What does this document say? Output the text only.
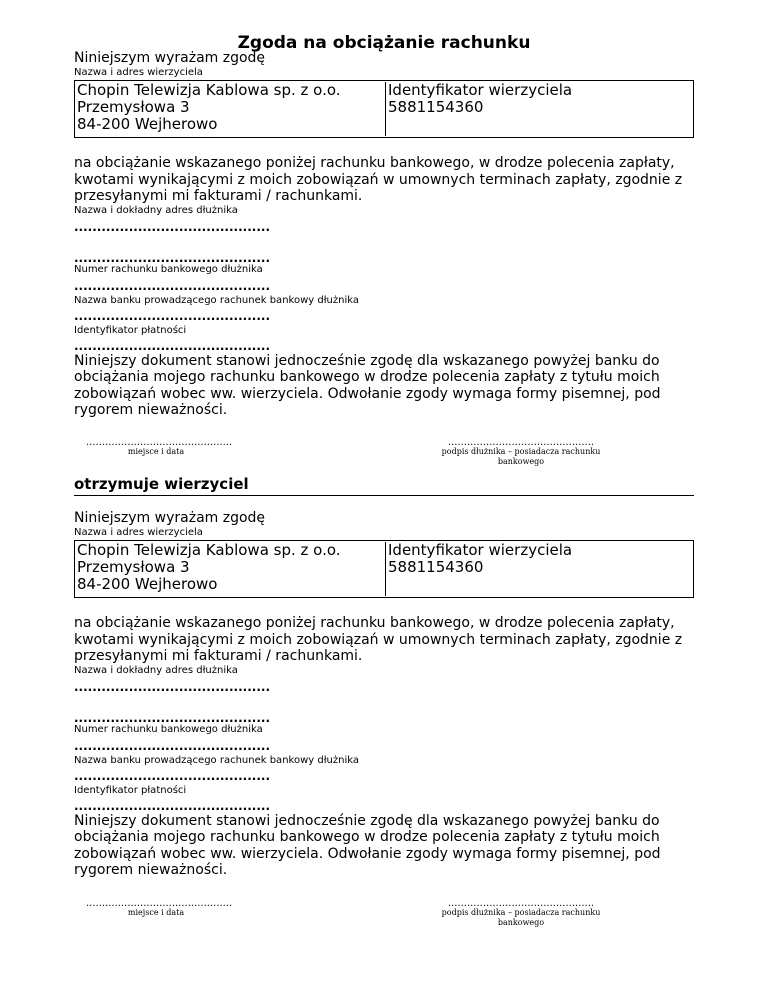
Zgoda na obciążanie rachunku
Niniejszym wyrażam zgodę
Nazwa i adres wierzyciela
Chopin Telewizja Kablowa sp. z o.o.
Przemysłowa 3
84-200 Wejherowo
Identyfikator wierzyciela
5881154360
na obciążanie wskazanego poniżej rachunku bankowego, w drodze polecenia zapłaty,
kwotami wynikającymi z moich zobowiązań w umownych terminach zapłaty, zgodnie z
przesyłanymi mi fakturami / rachunkami.
Nazwa i dokładny adres dłużnika
...........................................
...........................................
Numer rachunku bankowego dłużnika
...........................................
Nazwa banku prowadzącego rachunek bankowy dłużnika
...........................................
Identyfikator płatności
...........................................
Niniejszy dokument stanowi jednocześnie zgodę dla wskazanego powyżej banku do
obciążania mojego rachunku bankowego w drodze polecenia zapłaty z tytułu moich
zobowiązań wobec ww. wierzyciela. Odwołanie zgody wymaga formy pisemnej, pod
rygorem nieważności.
..............................................
miejsce i data
..............................................
podpis dłużnika – posiadacza rachunku bankowego
otrzymuje wierzyciel
Niniejszym wyrażam zgodę
Nazwa i adres wierzyciela
Chopin Telewizja Kablowa sp. z o.o.
Przemysłowa 3
84-200 Wejherowo
Identyfikator wierzyciela
5881154360
na obciążanie wskazanego poniżej rachunku bankowego, w drodze polecenia zapłaty,
kwotami wynikającymi z moich zobowiązań w umownych terminach zapłaty, zgodnie z
przesyłanymi mi fakturami / rachunkami.
Nazwa i dokładny adres dłużnika
...........................................
...........................................
Numer rachunku bankowego dłużnika
...........................................
Nazwa banku prowadzącego rachunek bankowy dłużnika
...........................................
Identyfikator płatności
...........................................
Niniejszy dokument stanowi jednocześnie zgodę dla wskazanego powyżej banku do
obciążania mojego rachunku bankowego w drodze polecenia zapłaty z tytułu moich
zobowiązań wobec ww. wierzyciela. Odwołanie zgody wymaga formy pisemnej, pod
rygorem nieważności.
..............................................
miejsce i data
..............................................
podpis dłużnika – posiadacza rachunku bankowego
